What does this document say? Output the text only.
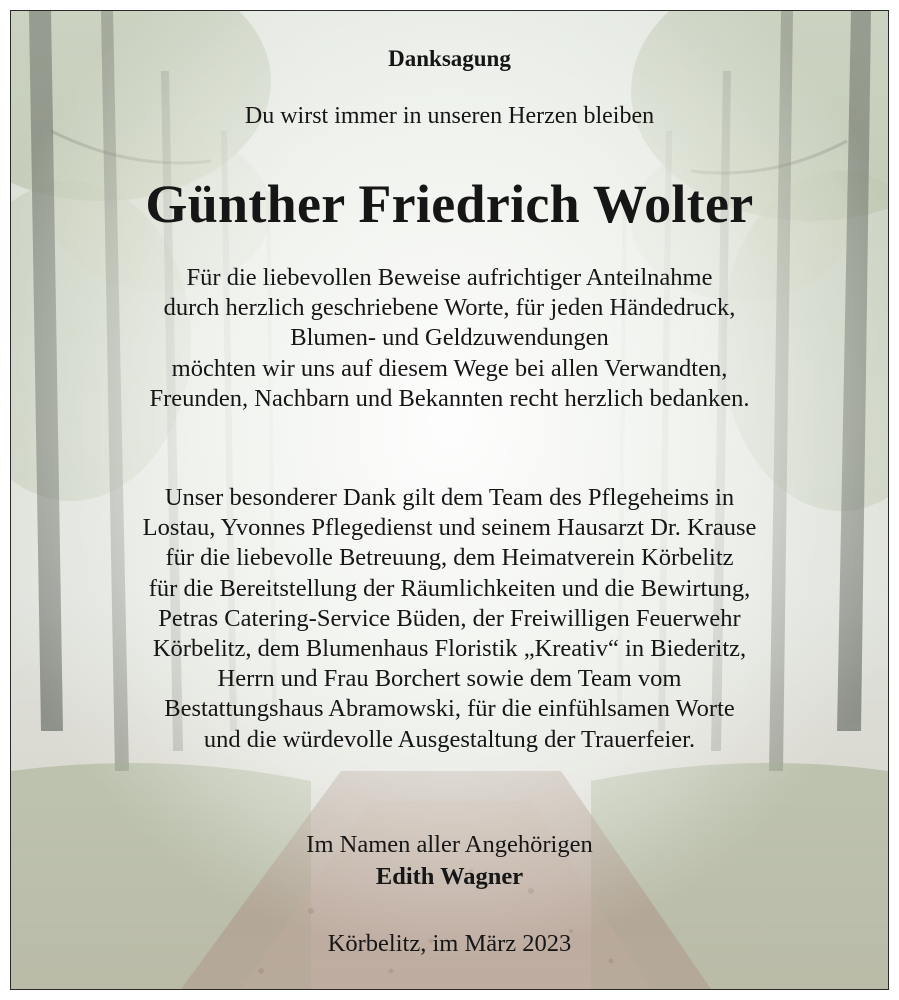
Danksagung
Du wirst immer in unseren Herzen bleiben
Günther Friedrich Wolter
Für die liebevollen Beweise aufrichtiger Anteilnahme
durch herzlich geschriebene Worte, für jeden Händedruck,
Blumen- und Geldzuwendungen
möchten wir uns auf diesem Wege bei allen Verwandten,
Freunden, Nachbarn und Bekannten recht herzlich bedanken.
Unser besonderer Dank gilt dem Team des Pflegeheims in
Lostau, Yvonnes Pflegedienst und seinem Hausarzt Dr. Krause
für die liebevolle Betreuung, dem Heimatverein Körbelitz
für die Bereitstellung der Räumlichkeiten und die Bewirtung,
Petras Catering-Service Büden, der Freiwilligen Feuerwehr
Körbelitz, dem Blumenhaus Floristik „Kreativ“ in Biederitz,
Herrn und Frau Borchert sowie dem Team vom
Bestattungshaus Abramowski, für die einfühlsamen Worte
und die würdevolle Ausgestaltung der Trauerfeier.
Im Namen aller Angehörigen
Edith Wagner
Körbelitz, im März 2023
